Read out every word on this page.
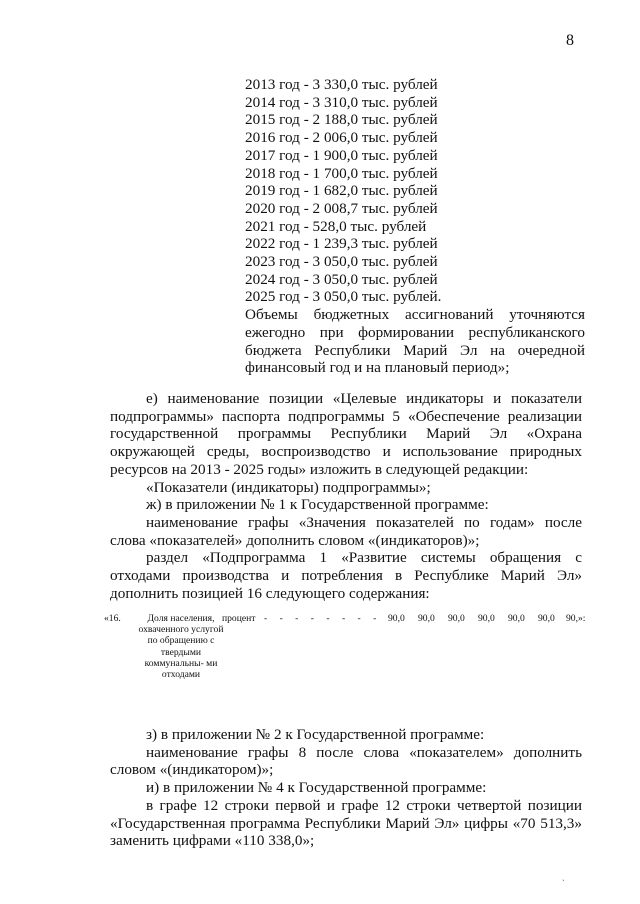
8
2013 год - 3 330,0 тыс. рублей
2014 год - 3 310,0 тыс. рублей
2015 год - 2 188,0 тыс. рублей
2016 год - 2 006,0 тыс. рублей
2017 год - 1 900,0 тыс. рублей
2018 год - 1 700,0 тыс. рублей
2019 год - 1 682,0 тыс. рублей
2020 год - 2 008,7 тыс. рублей
2021 год - 528,0 тыс. рублей
2022 год - 1 239,3 тыс. рублей
2023 год - 3 050,0 тыс. рублей
2024 год - 3 050,0 тыс. рублей
2025 год - 3 050,0 тыс. рублей.
Объемы бюджетных ассигнований уточняются ежегодно при формировании республиканского бюджета Республики Марий Эл на очередной финансовый год и на плановый период»;
е) наименование позиции «Целевые индикаторы и показатели подпрограммы» паспорта подпрограммы 5 «Обеспечение реализации государственной программы Республики Марий Эл «Охрана окружающей среды, воспроизводство и использование природных ресурсов на 2013 - 2025 годы» изложить в следующей редакции:
«Показатели (индикаторы) подпрограммы»;
ж) в приложении № 1 к Государственной программе:
наименование графы «Значения показателей по годам» после слова «показателей» дополнить словом «(индикаторов)»;
раздел «Подпрограмма 1 «Развитие системы обращения с отходами производства и потребления в Республике Марий Эл» дополнить позицией 16 следующего содержания:
«16.	Доля населения, охваченного услугой по обращению с твердыми коммунальны- ми отходами
процент - - - - - - - - 90,0 90,0 90,0 90,0 90,0 90,0 90,»:
з) в приложении № 2 к Государственной программе:
наименование графы 8 после слова «показателем» дополнить словом «(индикатором)»;
и) в приложении № 4 к Государственной программе:
в графе 12 строки первой и графе 12 строки четвертой позиции «Государственная программа Республики Марий Эл» цифры «70 513,3» заменить цифрами «110 338,0»;
ˎ
